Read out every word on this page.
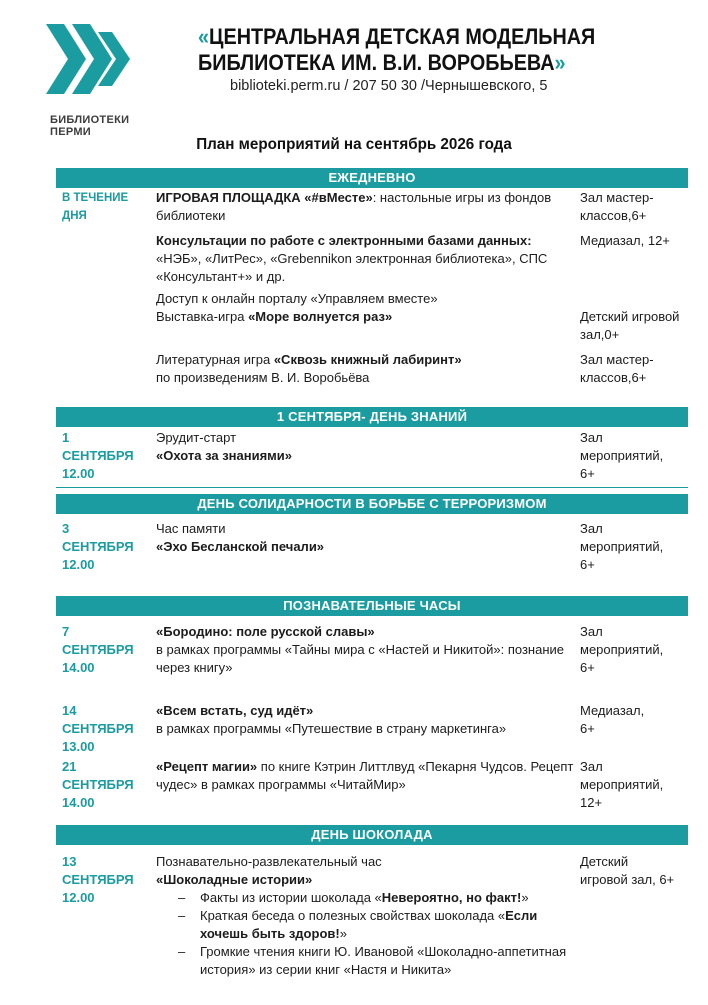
БИБЛИОТЕКИ
ПЕРМИ
«ЦЕНТРАЛЬНАЯ ДЕТСКАЯ МОДЕЛЬНАЯ
БИБЛИОТЕКА ИМ. В.И. ВОРОБЬЕВА»
biblioteki.perm.ru / 207 50 30 /Чернышевского, 5
План мероприятий на сентябрь 2026 года
ЕЖЕДНЕВНО
В ТЕЧЕНИЕ
ДНЯ
ИГРОВАЯ ПЛОЩАДКА «#вМесте»: настольные игры из фондов библиотеки
Зал мастер-классов,6+
Консультации по работе с электронными базами данных:
«НЭБ», «ЛитРес», «Grebennikon электронная библиотека», СПС «Консультант+» и др.
Медиазал, 12+
Доступ к онлайн порталу «Управляем вместе»
Выставка-игра «Море волнуется раз»	Детский игровой зал,0+
Литературная игра «Сквозь книжный лабиринт»
по произведениям В. И. Воробьёва
Зал мастер-классов,6+
1 СЕНТЯБРЯ- ДЕНЬ ЗНАНИЙ
1
СЕНТЯБРЯ
12.00
Эрудит-старт
«Охота за знаниями»
Зал мероприятий, 6+
ДЕНЬ СОЛИДАРНОСТИ В БОРЬБЕ С ТЕРРОРИЗМОМ
3
СЕНТЯБРЯ
12.00
Час памяти
«Эхо Бесланской печали»
Зал мероприятий, 6+
ПОЗНАВАТЕЛЬНЫЕ ЧАСЫ
7
СЕНТЯБРЯ
14.00
«Бородино: поле русской славы»
в рамках программы «Тайны мира с «Настей и Никитой»: познание через книгу»
Зал мероприятий, 6+
14
СЕНТЯБРЯ
13.00
«Всем встать, суд идёт»
в рамках программы «Путешествие в страну маркетинга»
Медиазал, 6+
21
СЕНТЯБРЯ
14.00
«Рецепт магии» по книге Кэтрин Литтлвуд «Пекарня Чудсов. Рецепт чудес» в рамках программы «ЧитайМир»
Зал мероприятий, 12+
ДЕНЬ ШОКОЛАДА
13
СЕНТЯБРЯ
12.00
Познавательно-развлекательный час
«Шоколадные истории»
– Факты из истории шоколада «Невероятно, но факт!»
– Краткая беседа о полезных свойствах шоколада «Если хочешь быть здоров!»
– Громкие чтения книги Ю. Ивановой «Шоколадно-аппетитная история» из серии книг «Настя и Никита»
Детский игровой зал, 6+
